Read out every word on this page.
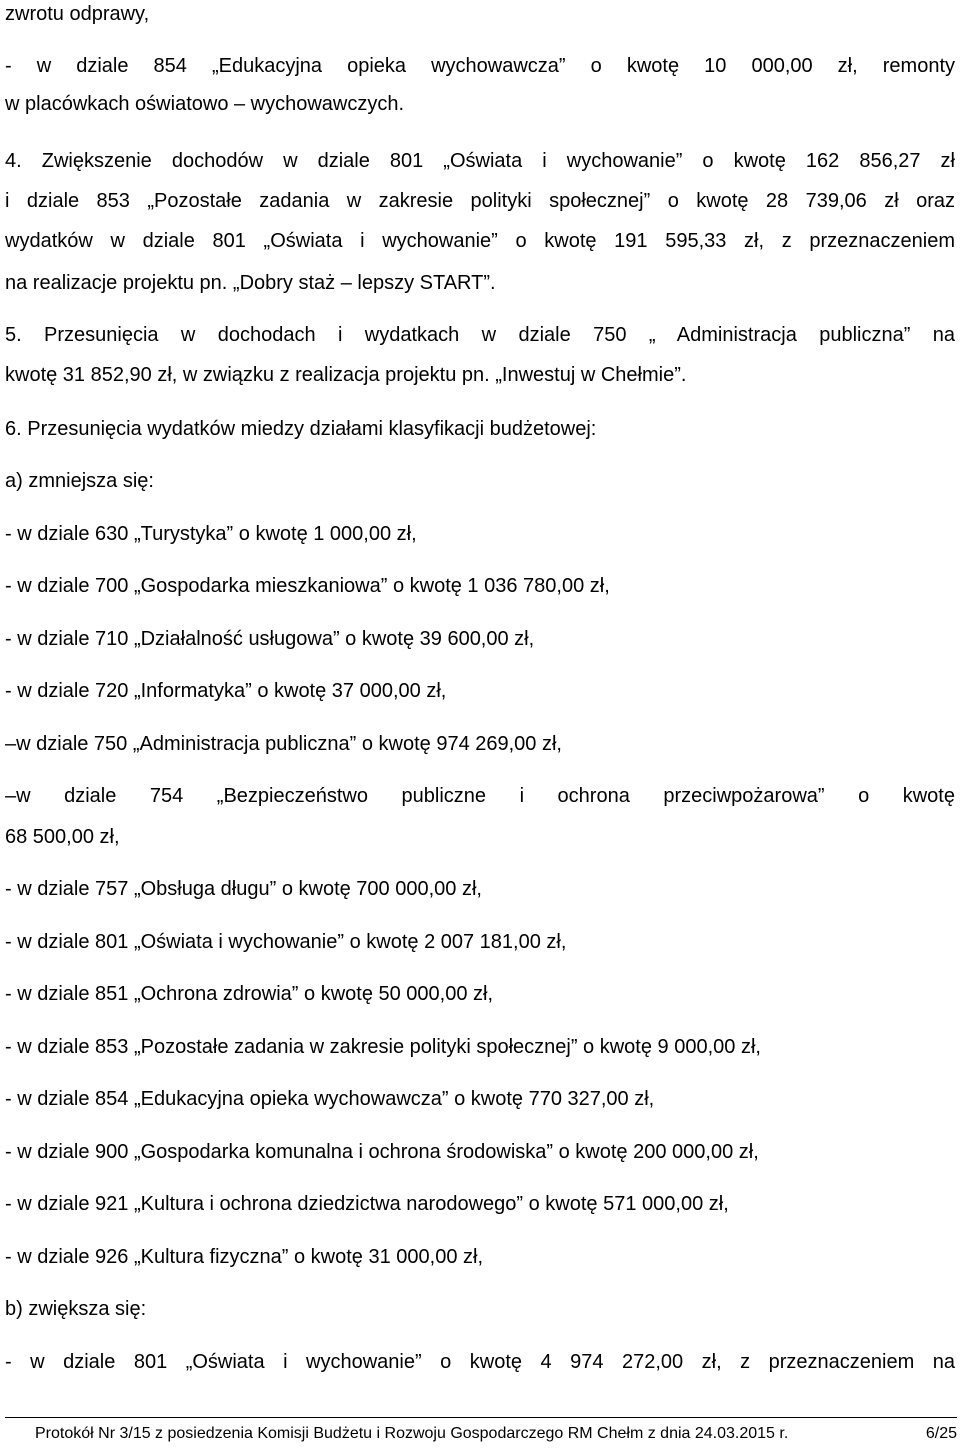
zwrotu odprawy,
- w dziale 854 „Edukacyjna opieka wychowawcza” o kwotę 10 000,00 zł, remonty
w placówkach oświatowo – wychowawczych.
4. Zwiększenie dochodów w dziale 801 „Oświata i wychowanie” o kwotę 162 856,27 zł
i dziale 853 „Pozostałe zadania w zakresie polityki społecznej” o kwotę 28 739,06 zł oraz
wydatków w dziale 801 „Oświata i wychowanie” o kwotę 191 595,33 zł, z przeznaczeniem
na realizacje projektu pn. „Dobry staż – lepszy START”.
5. Przesunięcia w dochodach i wydatkach w dziale 750 „ Administracja publiczna” na
kwotę 31 852,90 zł, w związku z realizacja projektu pn. „Inwestuj w Chełmie”.
6. Przesunięcia wydatków miedzy działami klasyfikacji budżetowej:
a) zmniejsza się:
- w dziale 630 „Turystyka” o kwotę 1 000,00 zł,
- w dziale 700 „Gospodarka mieszkaniowa” o kwotę 1 036 780,00 zł,
- w dziale 710 „Działalność usługowa” o kwotę 39 600,00 zł,
- w dziale 720 „Informatyka” o kwotę 37 000,00 zł,
–w dziale 750 „Administracja publiczna” o kwotę 974 269,00 zł,
–w dziale 754 „Bezpieczeństwo publiczne i ochrona przeciwpożarowa” o kwotę
68 500,00 zł,
- w dziale 757 „Obsługa długu” o kwotę 700 000,00 zł,
- w dziale 801 „Oświata i wychowanie” o kwotę 2 007 181,00 zł,
- w dziale 851 „Ochrona zdrowia” o kwotę 50 000,00 zł,
- w dziale 853 „Pozostałe zadania w zakresie polityki społecznej” o kwotę 9 000,00 zł,
- w dziale 854 „Edukacyjna opieka wychowawcza” o kwotę 770 327,00 zł,
- w dziale 900 „Gospodarka komunalna i ochrona środowiska” o kwotę 200 000,00 zł,
- w dziale 921 „Kultura i ochrona dziedzictwa narodowego” o kwotę 571 000,00 zł,
- w dziale 926 „Kultura fizyczna” o kwotę 31 000,00 zł,
b) zwiększa się:
- w dziale 801 „Oświata i wychowanie” o kwotę 4 974 272,00 zł, z przeznaczeniem na
Protokół Nr 3/15 z posiedzenia Komisji Budżetu i Rozwoju Gospodarczego RM Chełm z dnia 24.03.2015 r.	6/25
